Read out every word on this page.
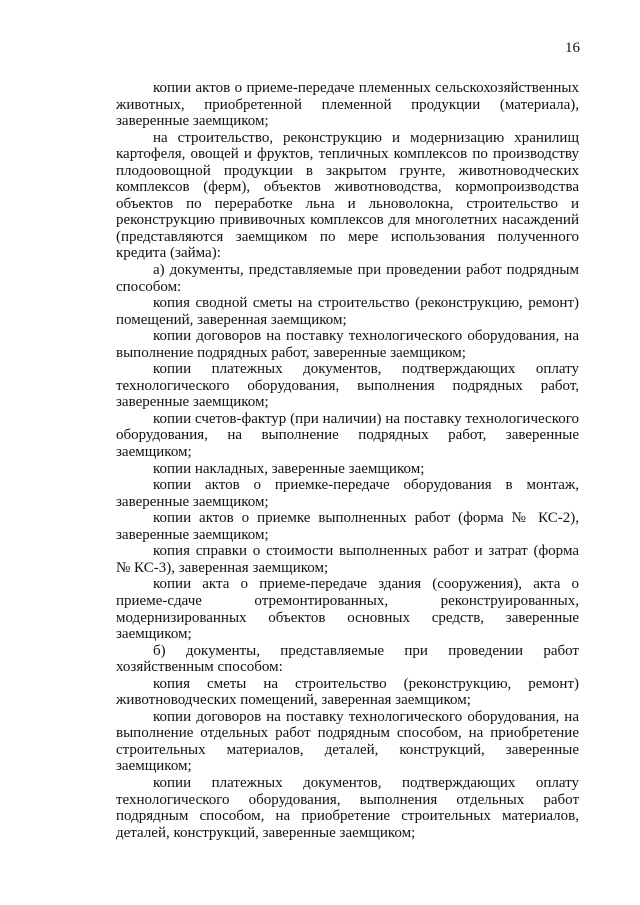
16

копии актов о приеме-передаче племенных сельскохозяйственных животных, приобретенной племенной продукции (материала), заверенные заемщиком;

на строительство, реконструкцию и модернизацию хранилищ картофеля, овощей и фруктов, тепличных комплексов по производству плодоовощной продукции в закрытом грунте, животноводческих комплексов (ферм), объектов животноводства, кормопроизводства объектов по переработке льна и льноволокна, строительство и реконструкцию прививочных комплексов для многолетних насаждений (представляются заемщиком по мере использования полученного кредита (займа):

а) документы, представляемые при проведении работ подрядным способом:

копия сводной сметы на строительство (реконструкцию, ремонт) помещений, заверенная заемщиком;

копии договоров на поставку технологического оборудования, на выполнение подрядных работ, заверенные заемщиком;

копии платежных документов, подтверждающих оплату технологического оборудования, выполнения подрядных работ, заверенные заемщиком;

копии счетов-фактур (при наличии) на поставку технологического оборудования, на выполнение подрядных работ, заверенные заемщиком;

копии накладных, заверенные заемщиком;

копии актов о приемке-передаче оборудования в монтаж, заверенные заемщиком;

копии актов о приемке выполненных работ (форма № КС-2), заверенные заемщиком;

копия справки о стоимости выполненных работ и затрат (форма № КС-3), заверенная заемщиком;

копии акта о приеме-передаче здания (сооружения), акта о приеме-сдаче отремонтированных, реконструированных, модернизированных объектов основных средств, заверенные заемщиком;

б) документы, представляемые при проведении работ хозяйственным способом:

копия сметы на строительство (реконструкцию, ремонт) животноводческих помещений, заверенная заемщиком;

копии договоров на поставку технологического оборудования, на выполнение отдельных работ подрядным способом, на приобретение строительных материалов, деталей, конструкций, заверенные заемщиком;

копии платежных документов, подтверждающих оплату технологического оборудования, выполнения отдельных работ подрядным способом, на приобретение строительных материалов, деталей, конструкций, заверенные заемщиком;
